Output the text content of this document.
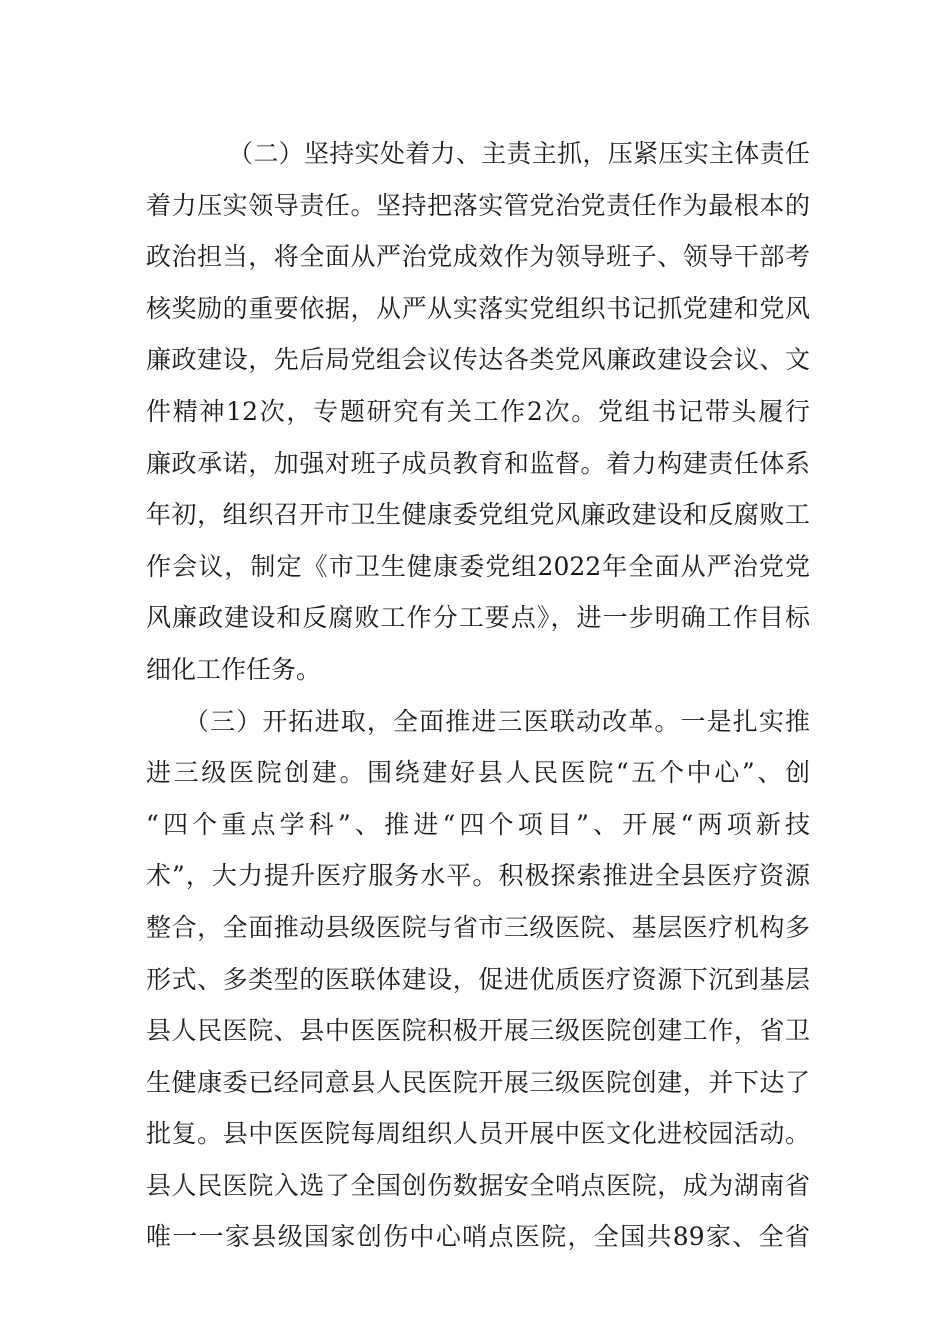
（二）坚持实处着力、主责主抓，压紧压实主体责任
着力压实领导责任。坚持把落实管党治党责任作为最根本的
政治担当，将全面从严治党成效作为领导班子、领导干部考
核奖励的重要依据，从严从实落实党组织书记抓党建和党风
廉政建设，先后局党组会议传达各类党风廉政建设会议、文
件精神12次，专题研究有关工作2次。党组书记带头履行
廉政承诺，加强对班子成员教育和监督。着力构建责任体系
年初，组织召开市卫生健康委党组党风廉政建设和反腐败工
作会议，制定《市卫生健康委党组2022年全面从严治党党
风廉政建设和反腐败工作分工要点》，进一步明确工作目标
细化工作任务。
（三）开拓进取，全面推进三医联动改革。一是扎实推
进三级医院创建。围绕建好县人民医院“五个中心”、创
“四个重点学科”、推进“四个项目”、开展“两项新技
术”，大力提升医疗服务水平。积极探索推进全县医疗资源
整合，全面推动县级医院与省市三级医院、基层医疗机构多
形式、多类型的医联体建设，促进优质医疗资源下沉到基层
县人民医院、县中医医院积极开展三级医院创建工作，省卫
生健康委已经同意县人民医院开展三级医院创建，并下达了
批复。县中医医院每周组织人员开展中医文化进校园活动。
县人民医院入选了全国创伤数据安全哨点医院，成为湖南省
唯一一家县级国家创伤中心哨点医院，全国共89家、全省
